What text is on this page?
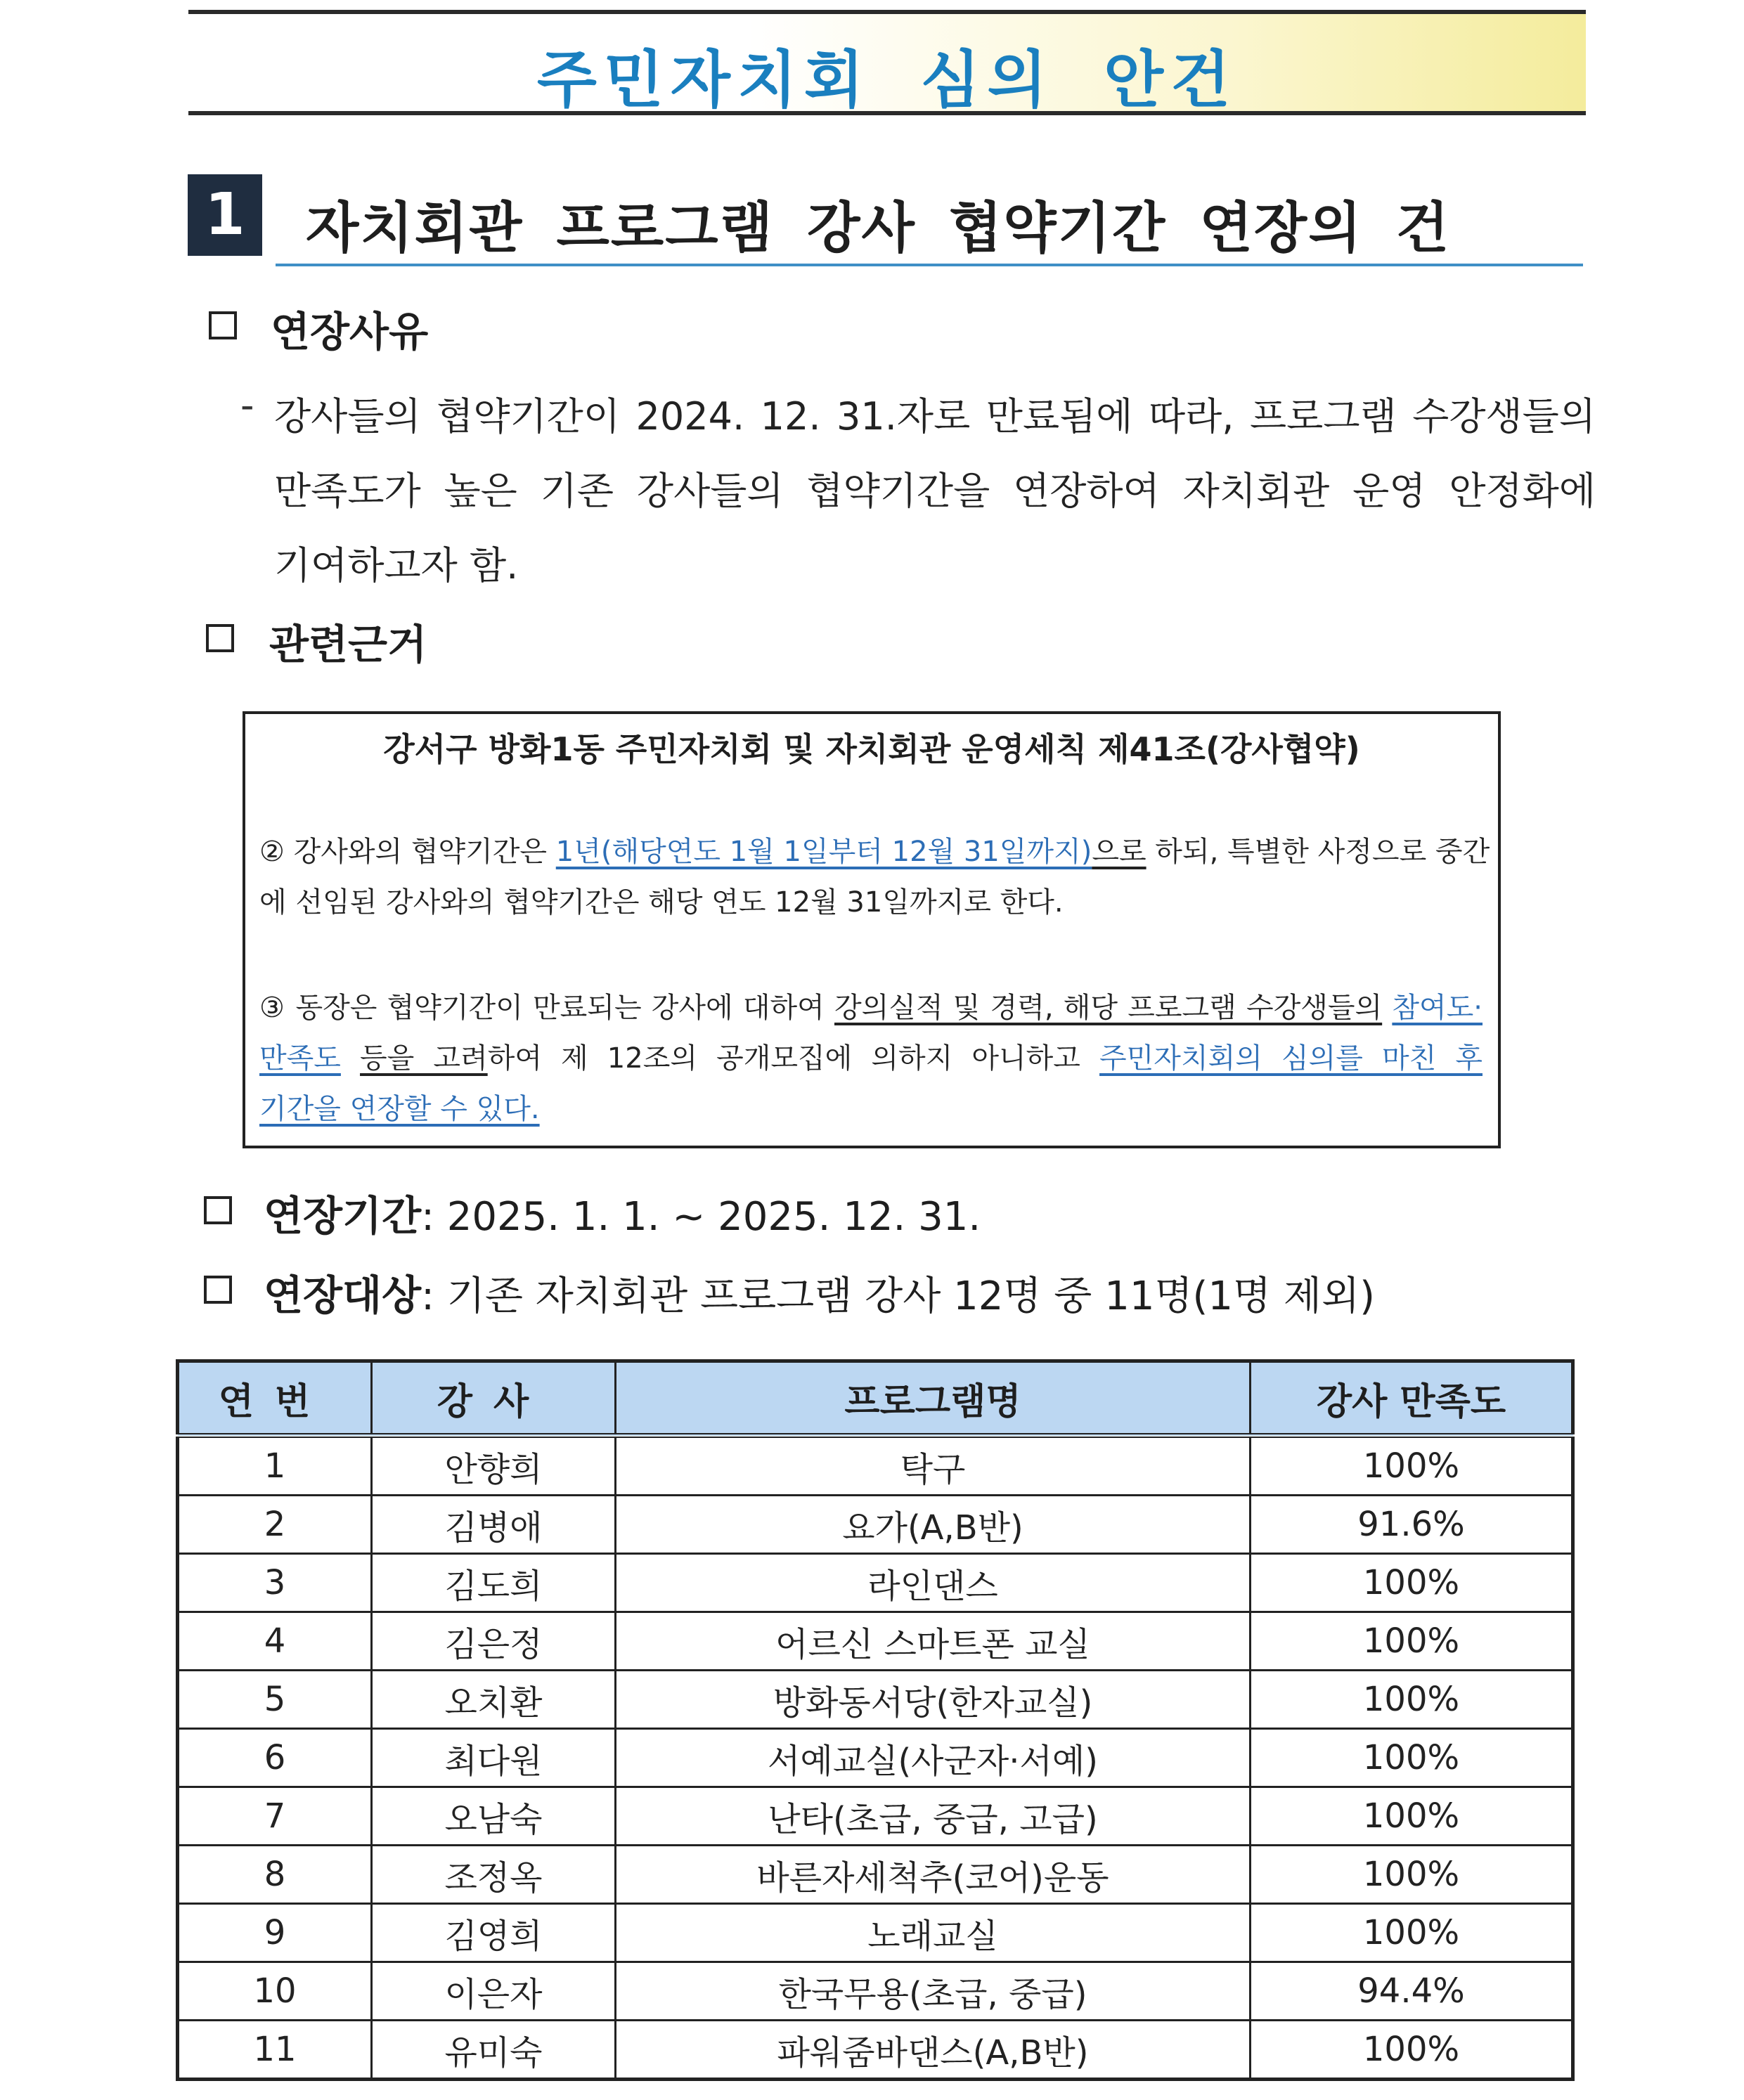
주민자치회 심의 안건
1	자치회관 프로그램 강사 협약기간 연장의 건
연장사유
- 강사들의 협약기간이 2024. 12. 31.자로 만료됨에 따라, 프로그램 수강생들의
만족도가 높은 기존 강사들의 협약기간을 연장하여 자치회관 운영 안정화에
기여하고자 함.
관련근거
강서구 방화1동 주민자치회 및 자치회관 운영세칙 제41조(강사협약)
② 강사와의 협약기간은 1년(해당연도 1월 1일부터 12월 31일까지)으로 하되, 특별한 사정으로 중간
에 선임된 강사와의 협약기간은 해당 연도 12월 31일까지로 한다.
③ 동장은 협약기간이 만료되는 강사에 대하여 강의실적 및 경력, 해당 프로그램 수강생들의 참여도·
만족도 등을 고려하여 제 12조의 공개모집에 의하지 아니하고 주민자치회의 심의를 마친 후
기간을 연장할 수 있다.
연장기간: 2025. 1. 1. ~ 2025. 12. 31.
연장대상: 기존 자치회관 프로그램 강사 12명 중 11명(1명 제외)
연번	강사	프로그램명	강사 만족도
1	안향희	탁구	100%
2	김병애	요가(A,B반)	91.6%
3	김도희	라인댄스	100%
4	김은정	어르신 스마트폰 교실	100%
5	오치환	방화동서당(한자교실)	100%
6	최다원	서예교실(사군자·서예)	100%
7	오남숙	난타(초급, 중급, 고급)	100%
8	조정옥	바른자세척추(코어)운동	100%
9	김영희	노래교실	100%
10	이은자	한국무용(초급, 중급)	94.4%
11	유미숙	파워줌바댄스(A,B반)	100%
